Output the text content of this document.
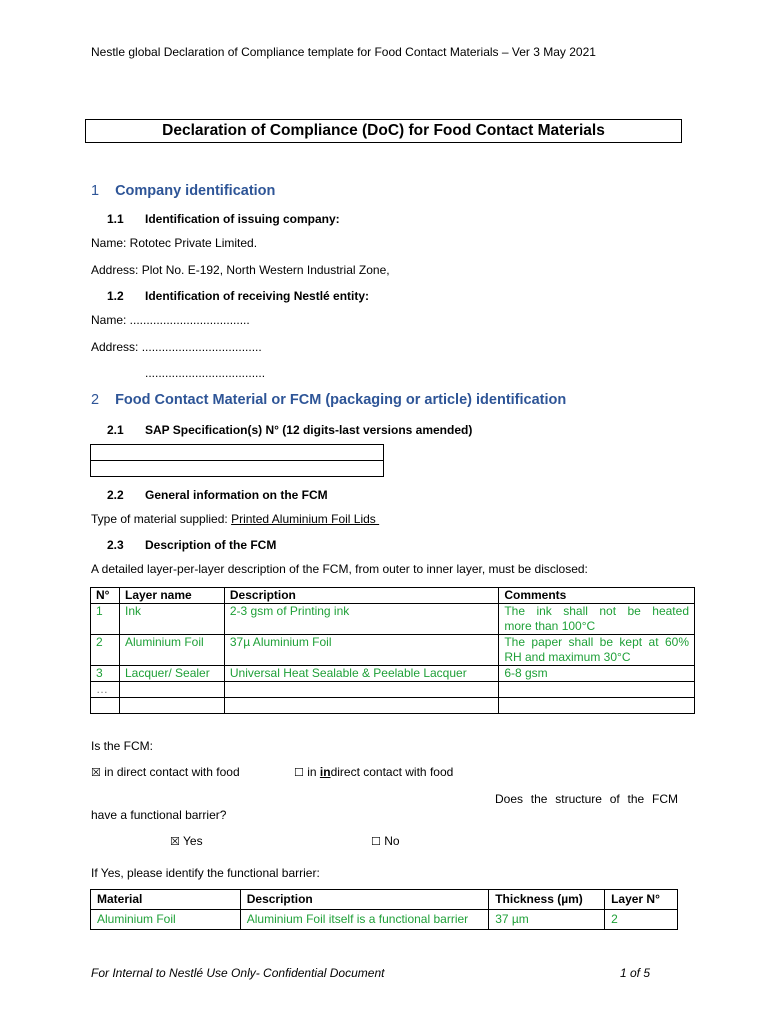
Nestle global Declaration of Compliance template for Food Contact Materials – Ver 3 May 2021
Declaration of Compliance (DoC) for Food Contact Materials
1 Company identification
1.1 Identification of issuing company:
Name: Rototec Private Limited.
Address: Plot No. E-192, North Western Industrial Zone,
1.2 Identification of receiving Nestlé entity:
Name: ....................................
Address: ....................................
....................................
2 Food Contact Material or FCM (packaging or article) identification
2.1 SAP Specification(s) N° (12 digits-last versions amended)

2.2 General information on the FCM
Type of material supplied: Printed Aluminium Foil Lids
2.3 Description of the FCM
A detailed layer-per-layer description of the FCM, from outer to inner layer, must be disclosed:
N°	Layer name	Description	Comments
1	Ink	2-3 gsm of Printing ink	The ink shall not be heated
more than 100°C

2	Aluminium Foil	37µ Aluminium Foil	The paper shall be kept at 60%
RH and maximum 30°C

3	Lacquer/ Sealer	Universal Heat Sealable & Peelable Lacquer	6-8 gsm
…			

Is the FCM:
☒ in direct contact with food	☐ in indirect contact with food
Does the structure of the FCM
have a functional barrier?
☒ Yes	☐ No
If Yes, please identify the functional barrier:
Material	Description	Thickness (µm)	Layer N°
Aluminium Foil	Aluminium Foil itself is a functional barrier	37 µm	2
For Internal to Nestlé Use Only- Confidential Document	1 of 5
